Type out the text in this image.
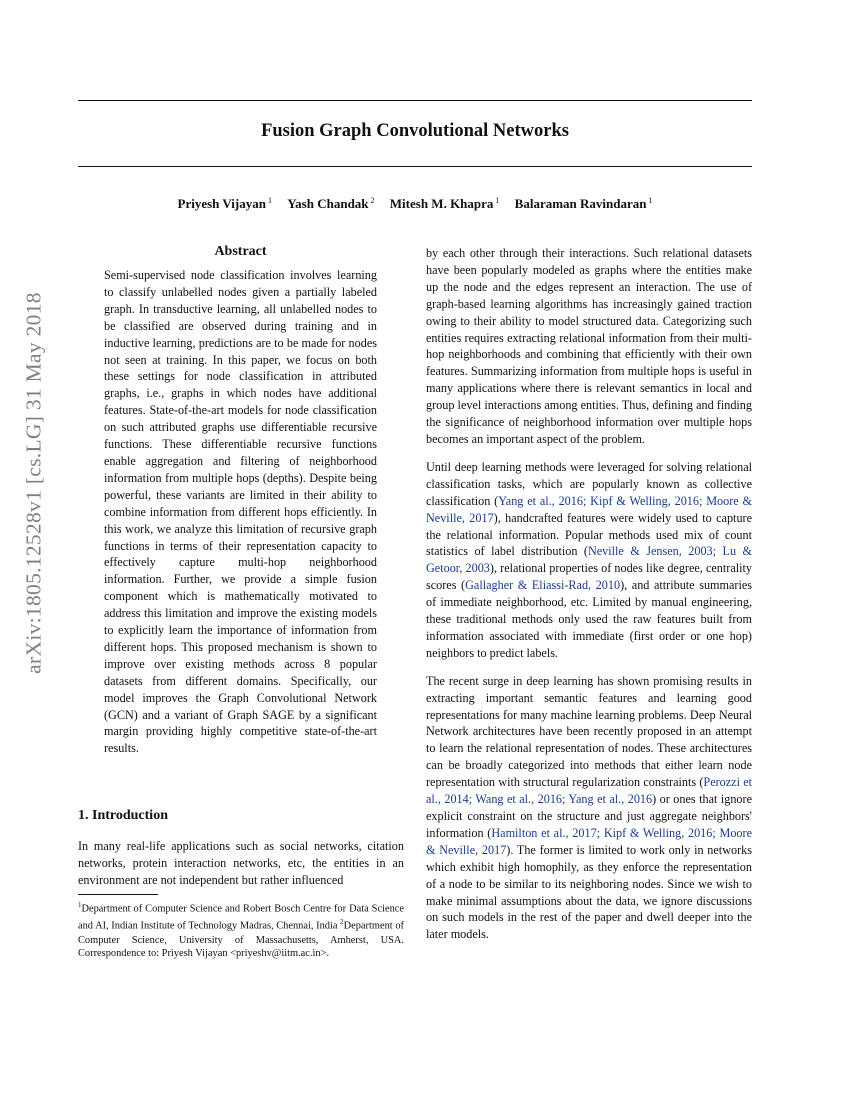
Fusion Graph Convolutional Networks
Priyesh Vijayan $^1$ Yash Chandak $^2$ Mitesh M. Khapra $^1$ Balaraman Ravindaran $^1$
arXiv:1805.12528v1 [cs.LG] 31 May 2018

Abstract

Semi-supervised node classification involves learning to classify unlabelled nodes given a partially labeled graph. In transductive learning, all unlabelled nodes to be classified are observed during training and in inductive learning, predictions are to be made for nodes not seen at training. In this paper, we focus on both these settings for node classification in attributed graphs, i.e., graphs in which nodes have additional features. State-of-the-art models for node classification on such attributed graphs use differentiable recursive functions. These differentiable recursive functions enable aggregation and filtering of neighborhood information from multiple hops (depths). Despite being powerful, these variants are limited in their ability to combine information from different hops efficiently. In this work, we analyze this limitation of recursive graph functions in terms of their representation capacity to effectively capture multi-hop neighborhood information. Further, we provide a simple fusion component which is mathematically motivated to address this limitation and improve the existing models to explicitly learn the importance of information from different hops. This proposed mechanism is shown to improve over existing methods across 8 popular datasets from different domains. Specifically, our model improves the Graph Convolutional Network (GCN) and a variant of Graph SAGE by a significant margin providing highly competitive state-of-the-art results.

1. Introduction

In many real-life applications such as social networks, citation networks, protein interaction networks, etc, the entities in an environment are not independent but rather influenced

$^1$Department of Computer Science and Robert Bosch Centre for Data Science and AI, Indian Institute of Technology Madras, Chennai, India $^2$Department of Computer Science, University of Massachusetts, Amherst, USA. Correspondence to: Priyesh Vijayan <priyeshv@iitm.ac.in>.

by each other through their interactions. Such relational datasets have been popularly modeled as graphs where the entities make up the node and the edges represent an interaction. The use of graph-based learning algorithms has increasingly gained traction owing to their ability to model structured data. Categorizing such entities requires extracting relational information from their multi-hop neighborhoods and combining that efficiently with their own features. Summarizing information from multiple hops is useful in many applications where there is relevant semantics in local and group level interactions among entities. Thus, defining and finding the significance of neighborhood information over multiple hops becomes an important aspect of the problem.

Until deep learning methods were leveraged for solving relational classification tasks, which are popularly known as collective classification (Yang et al., 2016; Kipf & Welling, 2016; Moore & Neville, 2017), handcrafted features were widely used to capture the relational information. Popular methods used mix of count statistics of label distribution (Neville & Jensen, 2003; Lu & Getoor, 2003), relational properties of nodes like degree, centrality scores (Gallagher & Eliassi-Rad, 2010), and attribute summaries of immediate neighborhood, etc. Limited by manual engineering, these traditional methods only used the raw features built from information associated with immediate (first order or one hop) neighbors to predict labels.

The recent surge in deep learning has shown promising results in extracting important semantic features and learning good representations for many machine learning problems. Deep Neural Network architectures have been recently proposed in an attempt to learn the relational representation of nodes. These architectures can be broadly categorized into methods that either learn node representation with structural regularization constraints (Perozzi et al., 2014; Wang et al., 2016; Yang et al., 2016) or ones that ignore explicit constraint on the structure and just aggregate neighbors' information (Hamilton et al., 2017; Kipf & Welling, 2016; Moore & Neville, 2017). The former is limited to work only in networks which exhibit high homophily, as they enforce the representation of a node to be similar to its neighboring nodes. Since we wish to make minimal assumptions about the data, we ignore discussions on such models in the rest of the paper and dwell deeper into the later models.
